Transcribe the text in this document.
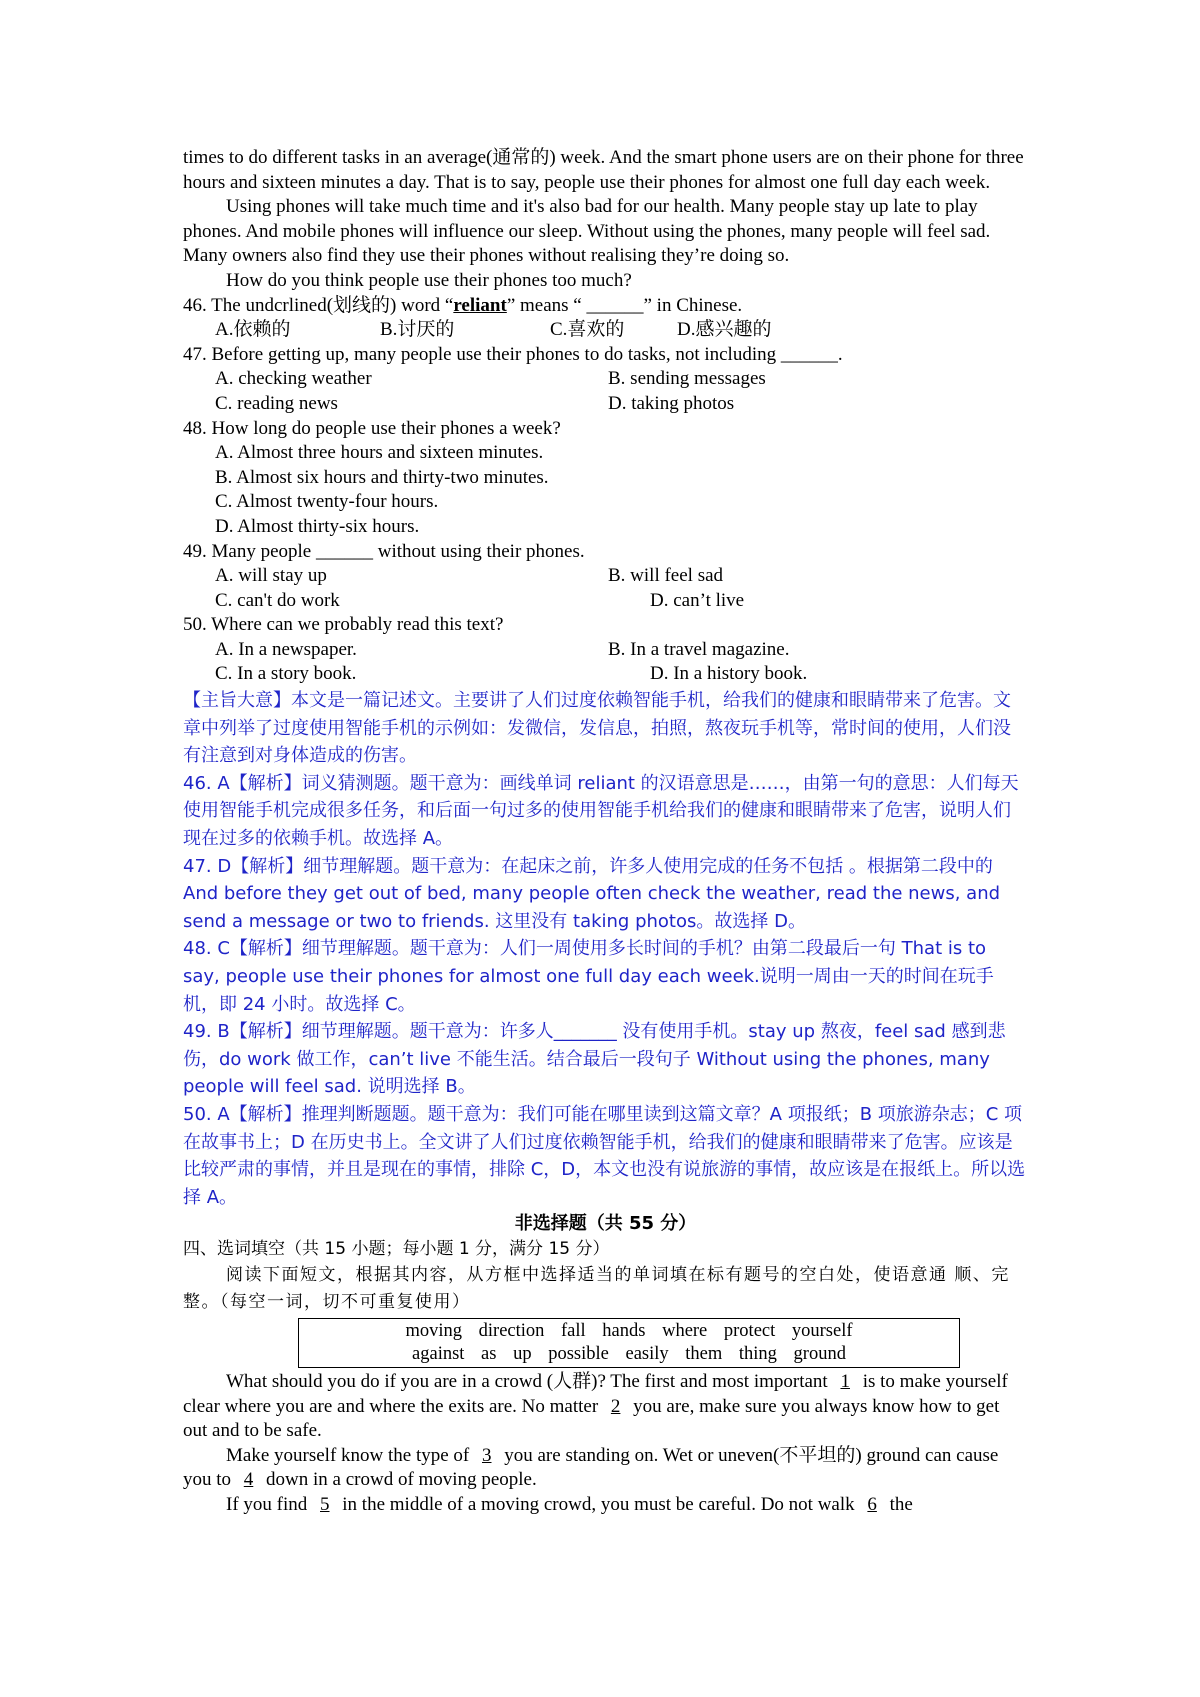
times to do different tasks in an average(通常的) week. And the smart phone users are on their phone for three hours and sixteen minutes a day. That is to say, people use their phones for almost one full day each week.

Using phones will take much time and it's also bad for our health. Many people stay up late to play phones. And mobile phones will influence our sleep. Without using the phones, many people will feel sad. Many owners also find they use their phones without realising they’re doing so.

How do you think people use their phones too much?

46. The undcrlined(划线的) word “reliant” means “ ______” in Chinese.

A.依赖的	B.讨厌的	C.喜欢的	D.感兴趣的

47. Before getting up, many people use their phones to do tasks, not including ______.

A. checking weather	B. sending messages
C. reading news	D. taking photos

48. How long do people use their phones a week?

A. Almost three hours and sixteen minutes.
B. Almost six hours and thirty-two minutes.
C. Almost twenty-four hours.
D. Almost thirty-six hours.

49. Many people ______ without using their phones.

A. will stay up	B. will feel sad
C. can't do work	D. can’t live

50. Where can we probably read this text?

A. In a newspaper.	B. In a travel magazine.
C. In a story book.	D. In a history book.

【主旨大意】本文是一篇记述文。主要讲了人们过度依赖智能手机，给我们的健康和眼睛带来了危害。文章中列举了过度使用智能手机的示例如：发微信，发信息，拍照，熬夜玩手机等，常时间的使用，人们没有注意到对身体造成的伤害。

46. A【解析】词义猜测题。题干意为：画线单词 reliant 的汉语意思是……，由第一句的意思：人们每天使用智能手机完成很多任务，和后面一句过多的使用智能手机给我们的健康和眼睛带来了危害，说明人们现在过多的依赖手机。故选择 A。

47. D【解析】细节理解题。题干意为：在起床之前，许多人使用完成的任务不包括 。根据第二段中的 And before they get out of bed, many people often check the weather, read the news, and send a message or two to friends. 这里没有 taking photos。故选择 D。

48. C【解析】细节理解题。题干意为：人们一周使用多长时间的手机？由第二段最后一句 That is to say, people use their phones for almost one full day each week.说明一周由一天的时间在玩手机，即 24 小时。故选择 C。

49. B【解析】细节理解题。题干意为：许多人_______ 没有使用手机。stay up 熬夜，feel sad 感到悲伤，do work 做工作，can’t live 不能生活。结合最后一段句子 Without using the phones, many people will feel sad. 说明选择 B。

50. A【解析】推理判断题题。题干意为：我们可能在哪里读到这篇文章？A 项报纸；B 项旅游杂志；C 项在故事书上；D 在历史书上。全文讲了人们过度依赖智能手机，给我们的健康和眼睛带来了危害。应该是比较严肃的事情，并且是现在的事情，排除 C，D，本文也没有说旅游的事情，故应该是在报纸上。所以选择 A。

非选择题（共 55 分）

四、选词填空（共 15 小题；每小题 1 分，满分 15 分）

阅读下面短文，根据其内容，从方框中选择适当的单词填在标有题号的空白处，使语意通 顺、完整。（每空一词，切不可重复使用）

moving direction fall hands where protect yourself
against as up possible easily them thing ground

What should you do if you are in a crowd (人群)? The first and most important 1 is to make yourself clear where you are and where the exits are. No matter 2 you are, make sure you always know how to get out and to be safe.

Make yourself know the type of 3 you are standing on. Wet or uneven(不平坦的) ground can cause you to 4 down in a crowd of moving people.

If you find 5 in the middle of a moving crowd, you must be careful. Do not walk 6 the
